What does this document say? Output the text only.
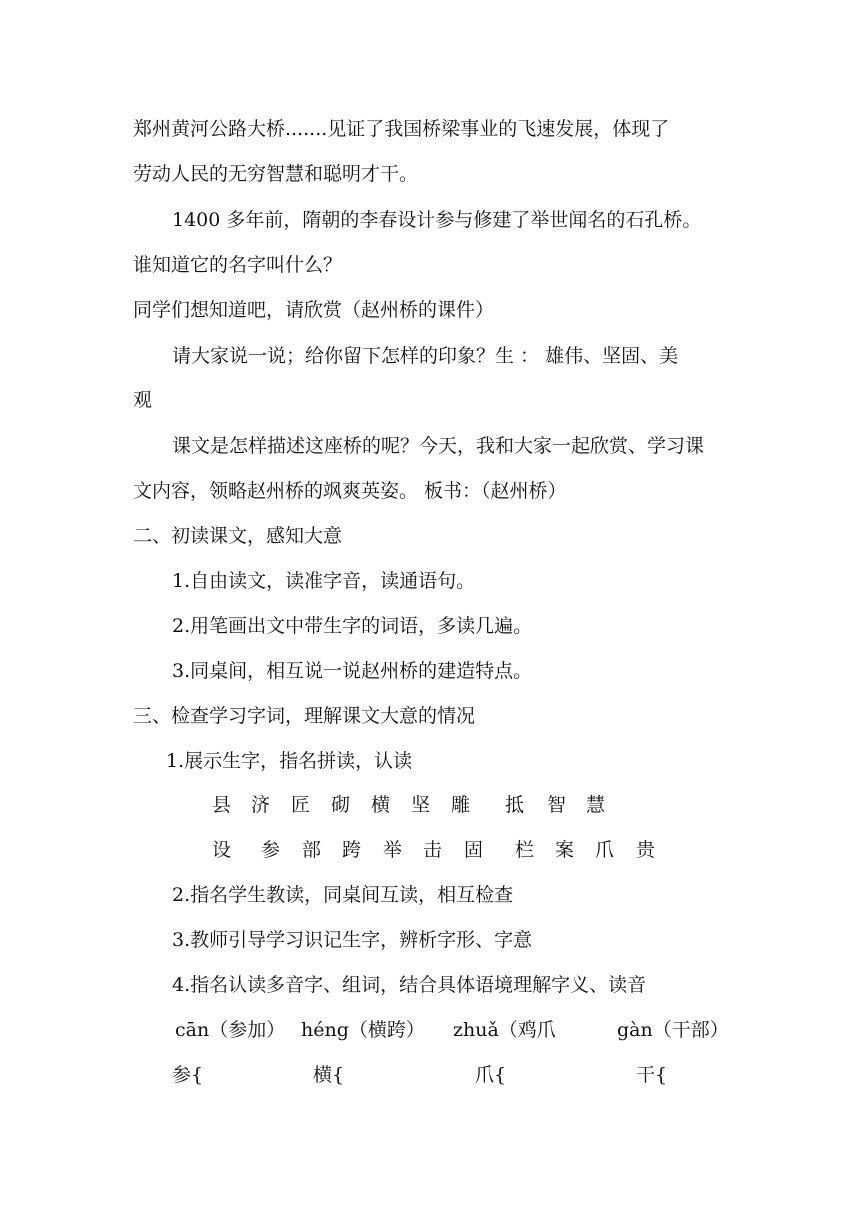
郑州黄河公路大桥.......见证了我国桥梁事业的飞速发展，体现了
劳动人民的无穷智慧和聪明才干。
1400 多年前，隋朝的李春设计参与修建了举世闻名的石孔桥。
谁知道它的名字叫什么？
同学们想知道吧，请欣赏（赵州桥的课件）
请大家说一说；给你留下怎样的印象？生 ： 雄伟、坚固、美
观
课文是怎样描述这座桥的呢？今天，我和大家一起欣赏、学习课
文内容，领略赵州桥的飒爽英姿。 板书：（赵州桥）
二、初读课文，感知大意
1.自由读文，读准字音，读通语句。
2.用笔画出文中带生字的词语，多读几遍。
3.同桌间，相互说一说赵州桥的建造特点。
三、检查学习字词，理解课文大意的情况
1.展示生字，指名拼读，认读
县 济 匠 砌 横 坚 雕 抵 智 慧
设 参 部 跨 举 击 固 栏 案 爪 贵
2.指名学生教读，同桌间互读，相互检查
3.教师引导学习识记生字，辨析字形、字意
4.指名认读多音字、组词，结合具体语境理解字义、读音
cān（参加） héng（横跨） zhuǎ（鸡爪	gàn（干部）
参{	横{	爪{	干{
